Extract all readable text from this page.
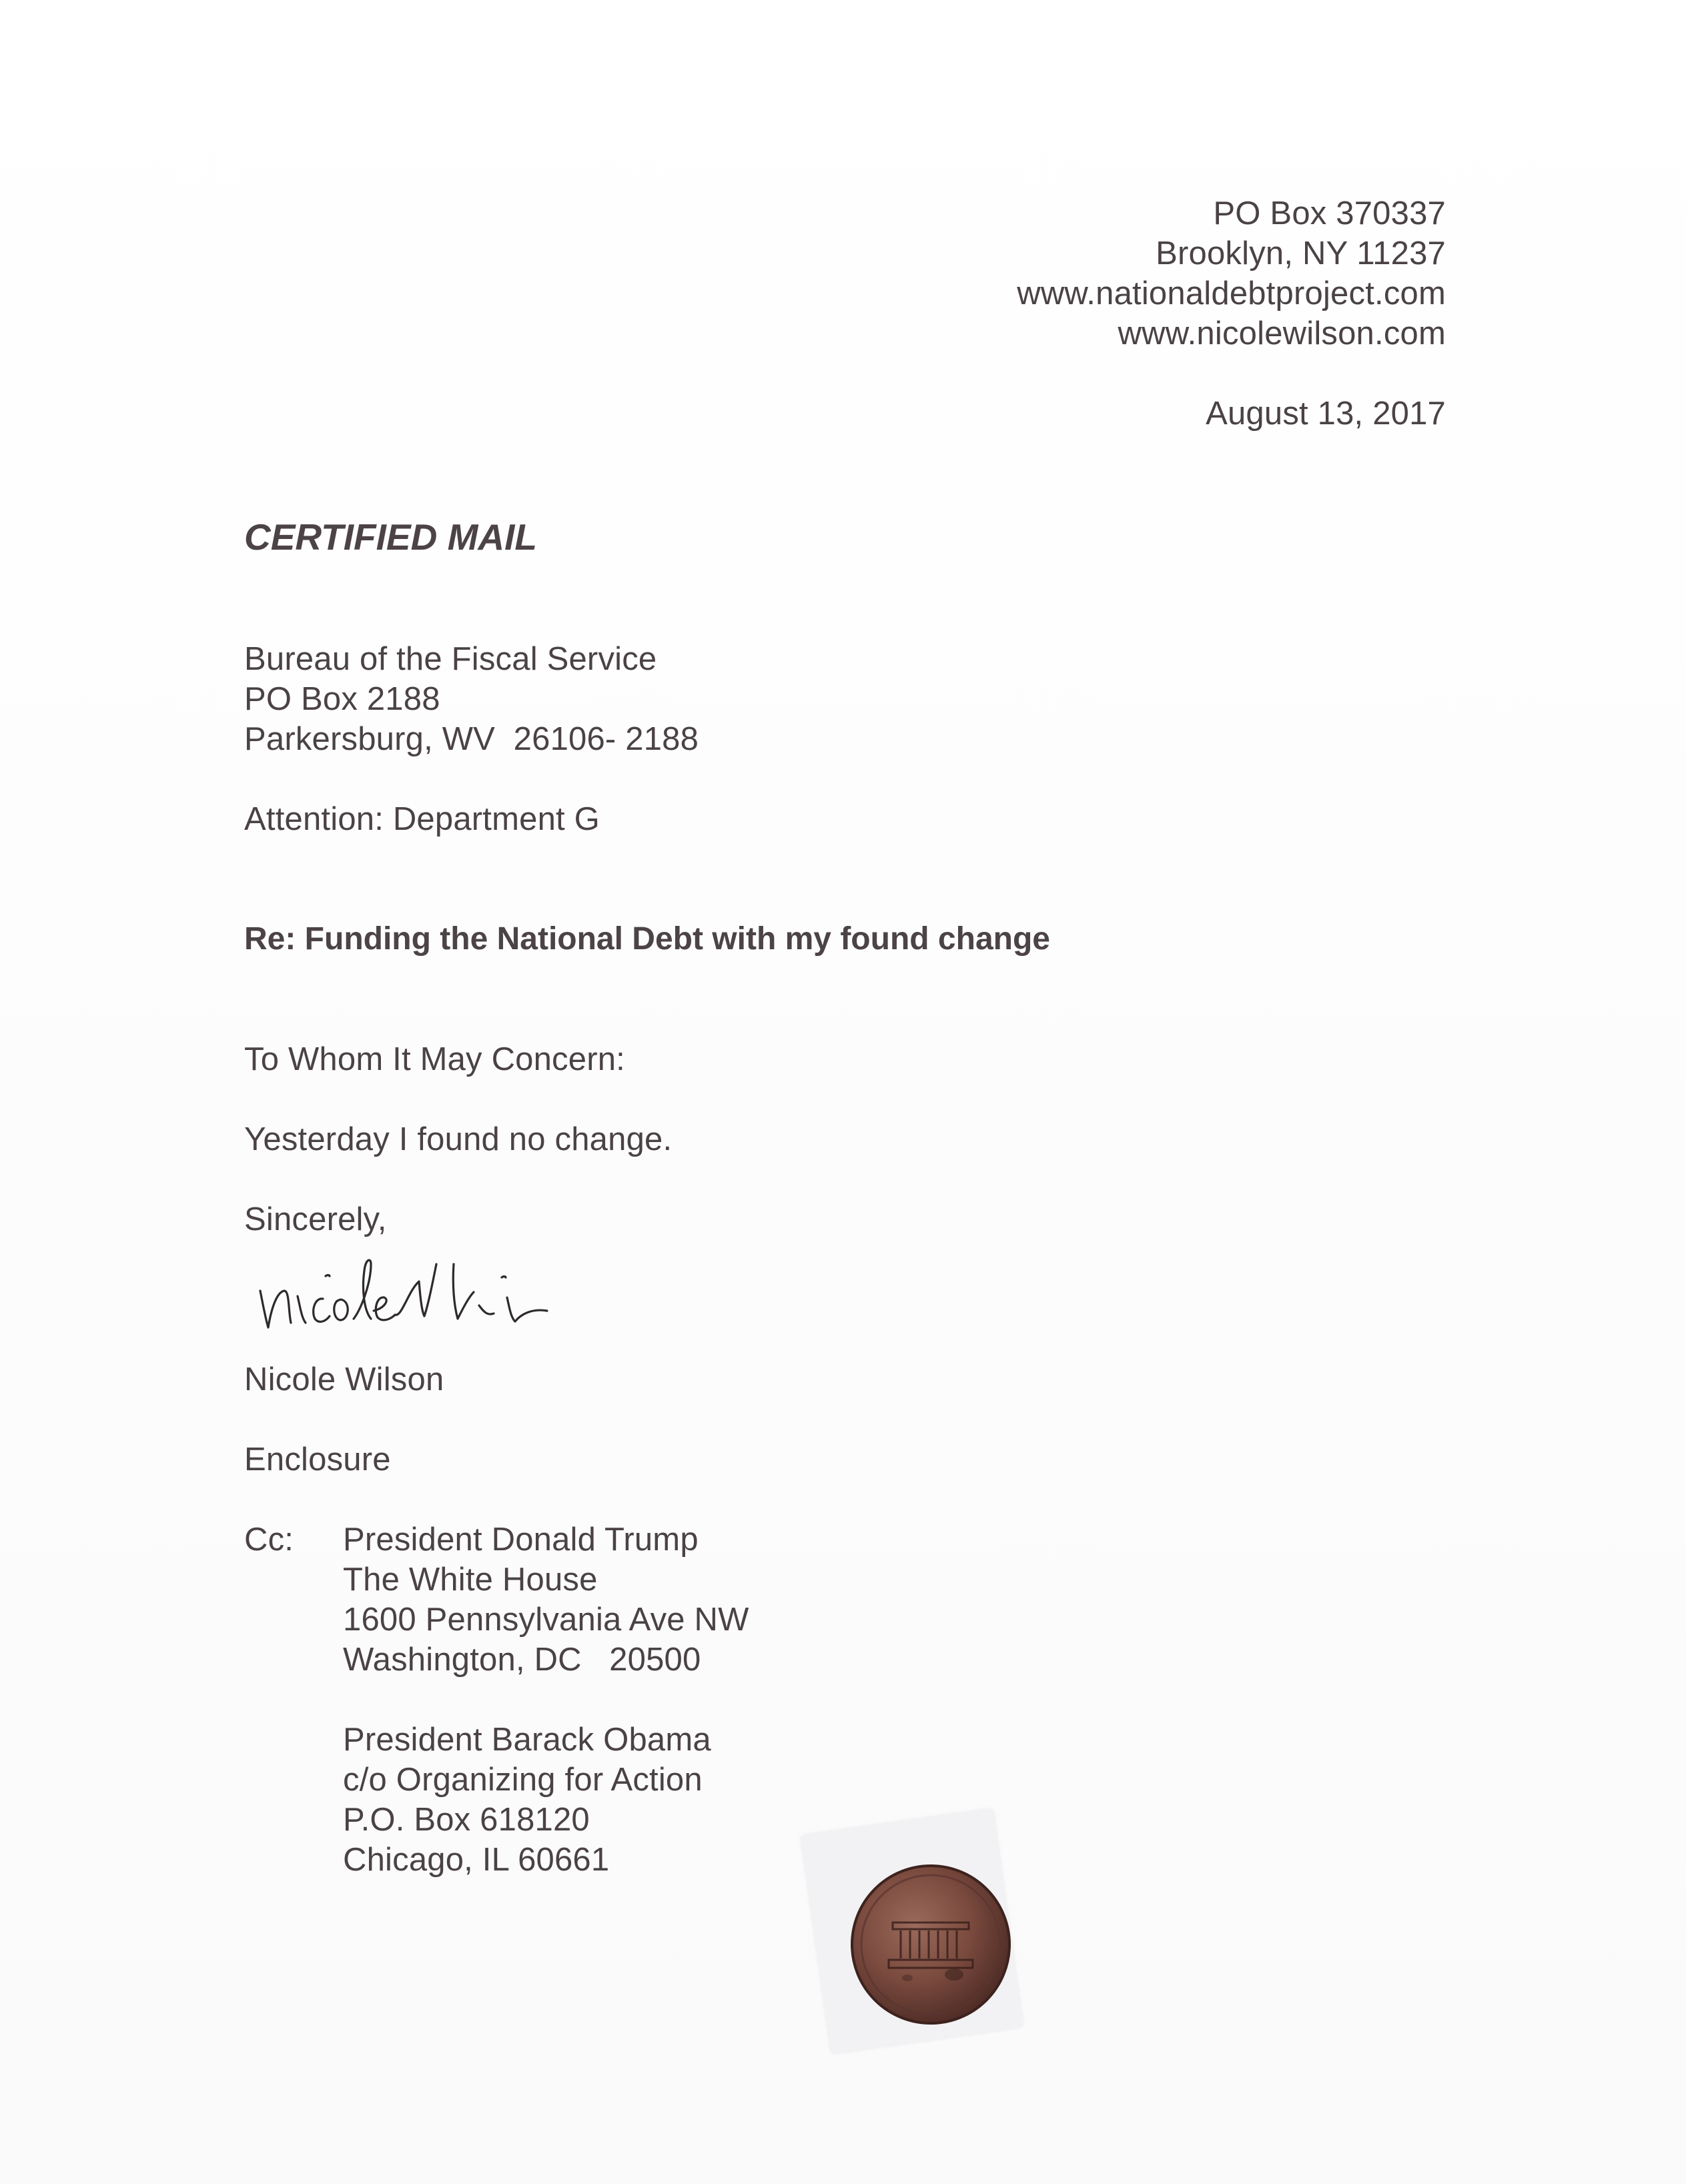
PO Box 370337
Brooklyn, NY 11237
www.nationaldebtproject.com
www.nicolewilson.com
August 13, 2017
CERTIFIED MAIL
Bureau of the Fiscal Service
PO Box 2188
Parkersburg, WV  26106- 2188
Attention: Department G
Re: Funding the National Debt with my found change
To Whom It May Concern:
Yesterday I found no change.
Sincerely,
Nicole Wilson
Enclosure
Cc: President Donald Trump
The White House
1600 Pennsylvania Ave NW
Washington, DC   20500
President Barack Obama
c/o Organizing for Action
P.O. Box 618120
Chicago, IL 60661
